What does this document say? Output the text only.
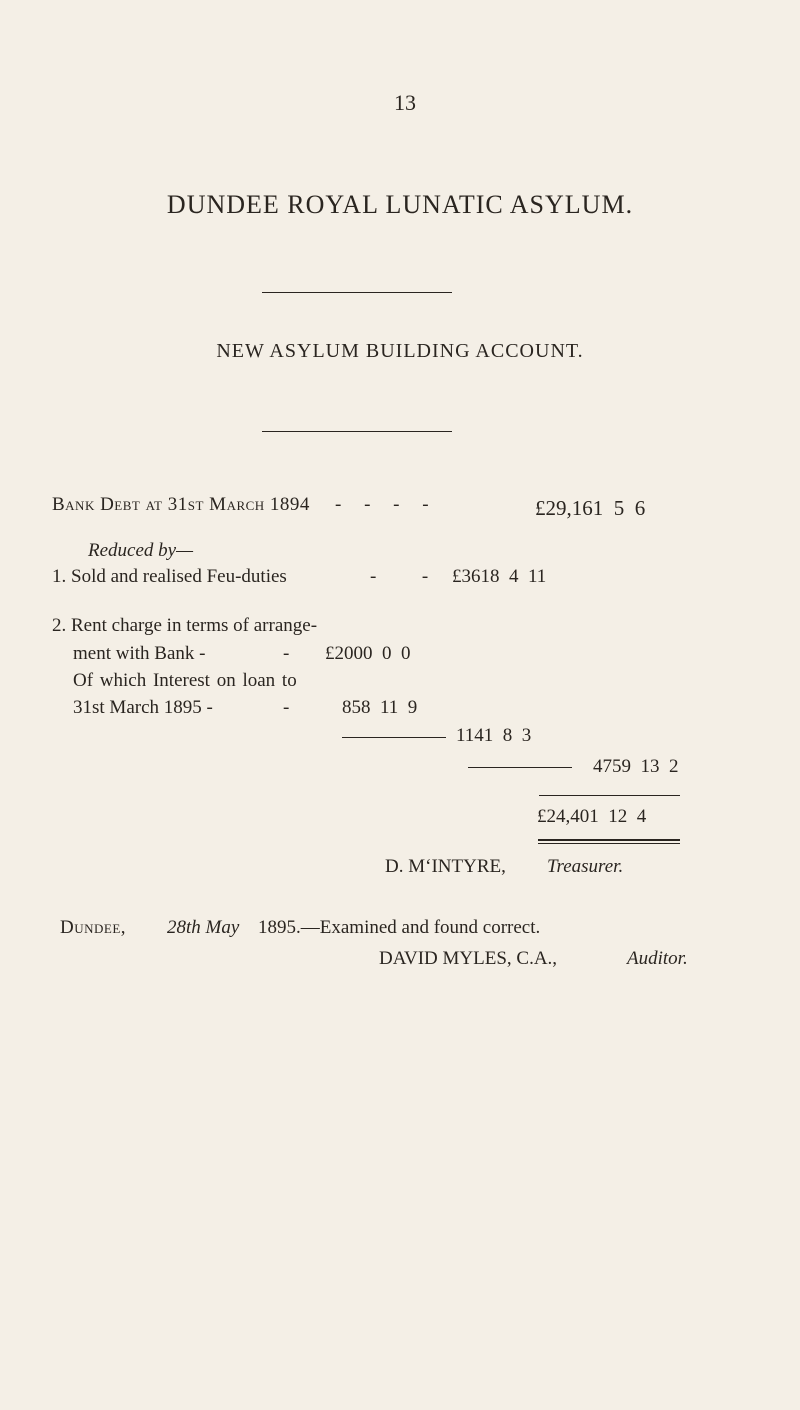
13
DUNDEE ROYAL LUNATIC ASYLUM.
NEW ASYLUM BUILDING ACCOUNT.
Bank Debt at 31st March 1894 - - - -	£29,161  5  6
Reduced by—
1. Sold and realised Feu-duties	-  - £3618  4  11
2. Rent charge in terms of arrange-
ment with Bank -	- £2000  0  0
Of which Interest on loan to
31st March 1895 -	-	858  11  9
1141  8  3
4759  13  2
£24,401  12  4
D. M‘INTYRE, Treasurer.
Dundee, 28th May 1895.—Examined and found correct.
DAVID MYLES, C.A.,	Auditor.
